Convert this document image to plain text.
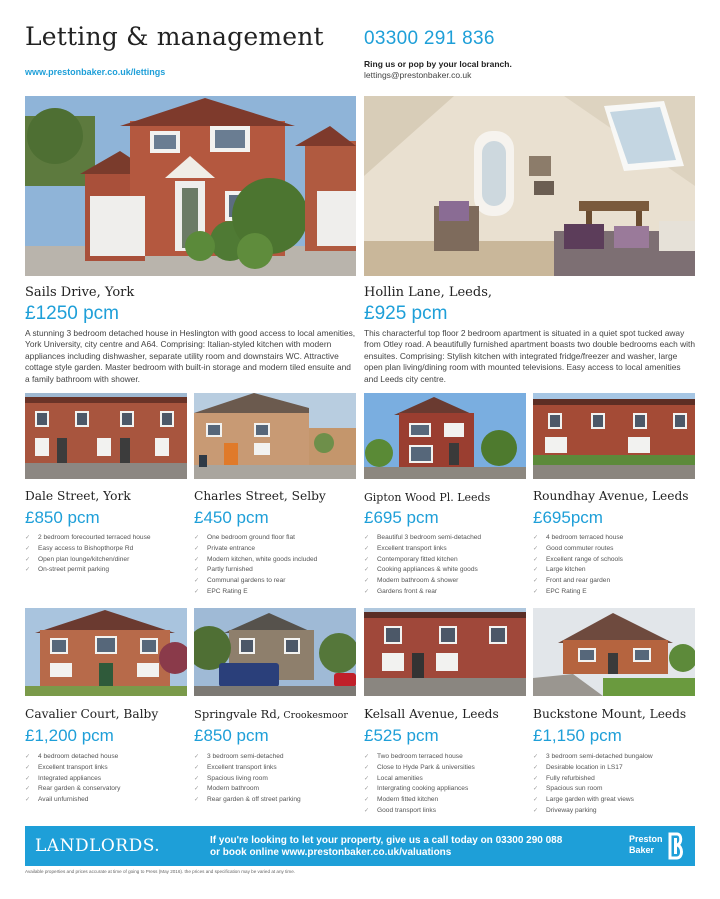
Letting & management
www.prestonbaker.co.uk/lettings
03300 291 836
Ring us or pop by your local branch.
lettings@prestonbaker.co.uk
Sails Drive, York
£1250 pcm
A stunning 3 bedroom detached house in Heslington with good access to local amenities, York University, city centre and A64. Comprising: Italian-styled kitchen with modern appliances including dishwasher, separate utility room and downstairs WC. Attractive cottage style garden. Master bedroom with built-in storage and modern tiled ensuite and a family bathroom with shower.
Hollin Lane, Leeds,
£925 pcm
This characterful top floor 2 bedroom apartment is situated in a quiet spot tucked away from Otley road. A beautifully furnished apartment boasts two double bedrooms each with ensuites. Comprising: Stylish kitchen with integrated fridge/freezer and washer, large open plan living/dining room with mounted televisions. Easy access to local amenities and Leeds city centre.
Dale Street, York
£850 pcm
✓ 2 bedroom forecourted terraced house
✓ Easy access to Bishopthorpe Rd
✓ Open plan lounge/kitchen/diner
✓ On-street permit parking
Charles Street, Selby
£450 pcm
✓ One bedroom ground floor flat
✓ Private entrance
✓ Modern kitchen, white goods included
✓ Partly furnished
✓ Communal gardens to rear
✓ EPC Rating E
Gipton Wood Pl. Leeds
£695 pcm
✓ Beautiful 3 bedroom semi-detached
✓ Excellent transport links
✓ Contemporary fitted kitchen
✓ Cooking appliances & white goods
✓ Modern bathroom & shower
✓ Gardens front & rear
Roundhay Avenue, Leeds
£695pcm
✓ 4 bedroom terraced house
✓ Good commuter routes
✓ Excellent range of schools
✓ Large kitchen
✓ Front and rear garden
✓ EPC Rating E
Cavalier Court, Balby
£1,200 pcm
✓ 4 bedroom detached house
✓ Excellent transport links
✓ Integrated appliances
✓ Rear garden & conservatory
✓ Avail unfurnished
Springvale Rd, Crookesmoor
£850 pcm
✓ 3 bedroom semi-detached
✓ Excellent transport links
✓ Spacious living room
✓ Modern bathroom
✓ Rear garden & off street parking
Kelsall Avenue, Leeds
£525 pcm
✓ Two bedroom terraced house
✓ Close to Hyde Park & universities
✓ Local amenities
✓ Intergrating cooking appliances
✓ Modern fitted kitchen
✓ Good transport links
Buckstone Mount, Leeds
£1,150 pcm
✓ 3 bedroom semi-detached bungalow
✓ Desirable location in LS17
✓ Fully refurbished
✓ Spacious sun room
✓ Large garden with great views
✓ Driveway parking
LANDLORDS.	If you're looking to let your property, give us a call today on 03300 290 088
or book online www.prestonbaker.co.uk/valuations
Preston
Baker
Available properties and prices accurate at time of going to Press (May 2016). the prices and specification may be varied at any time.
